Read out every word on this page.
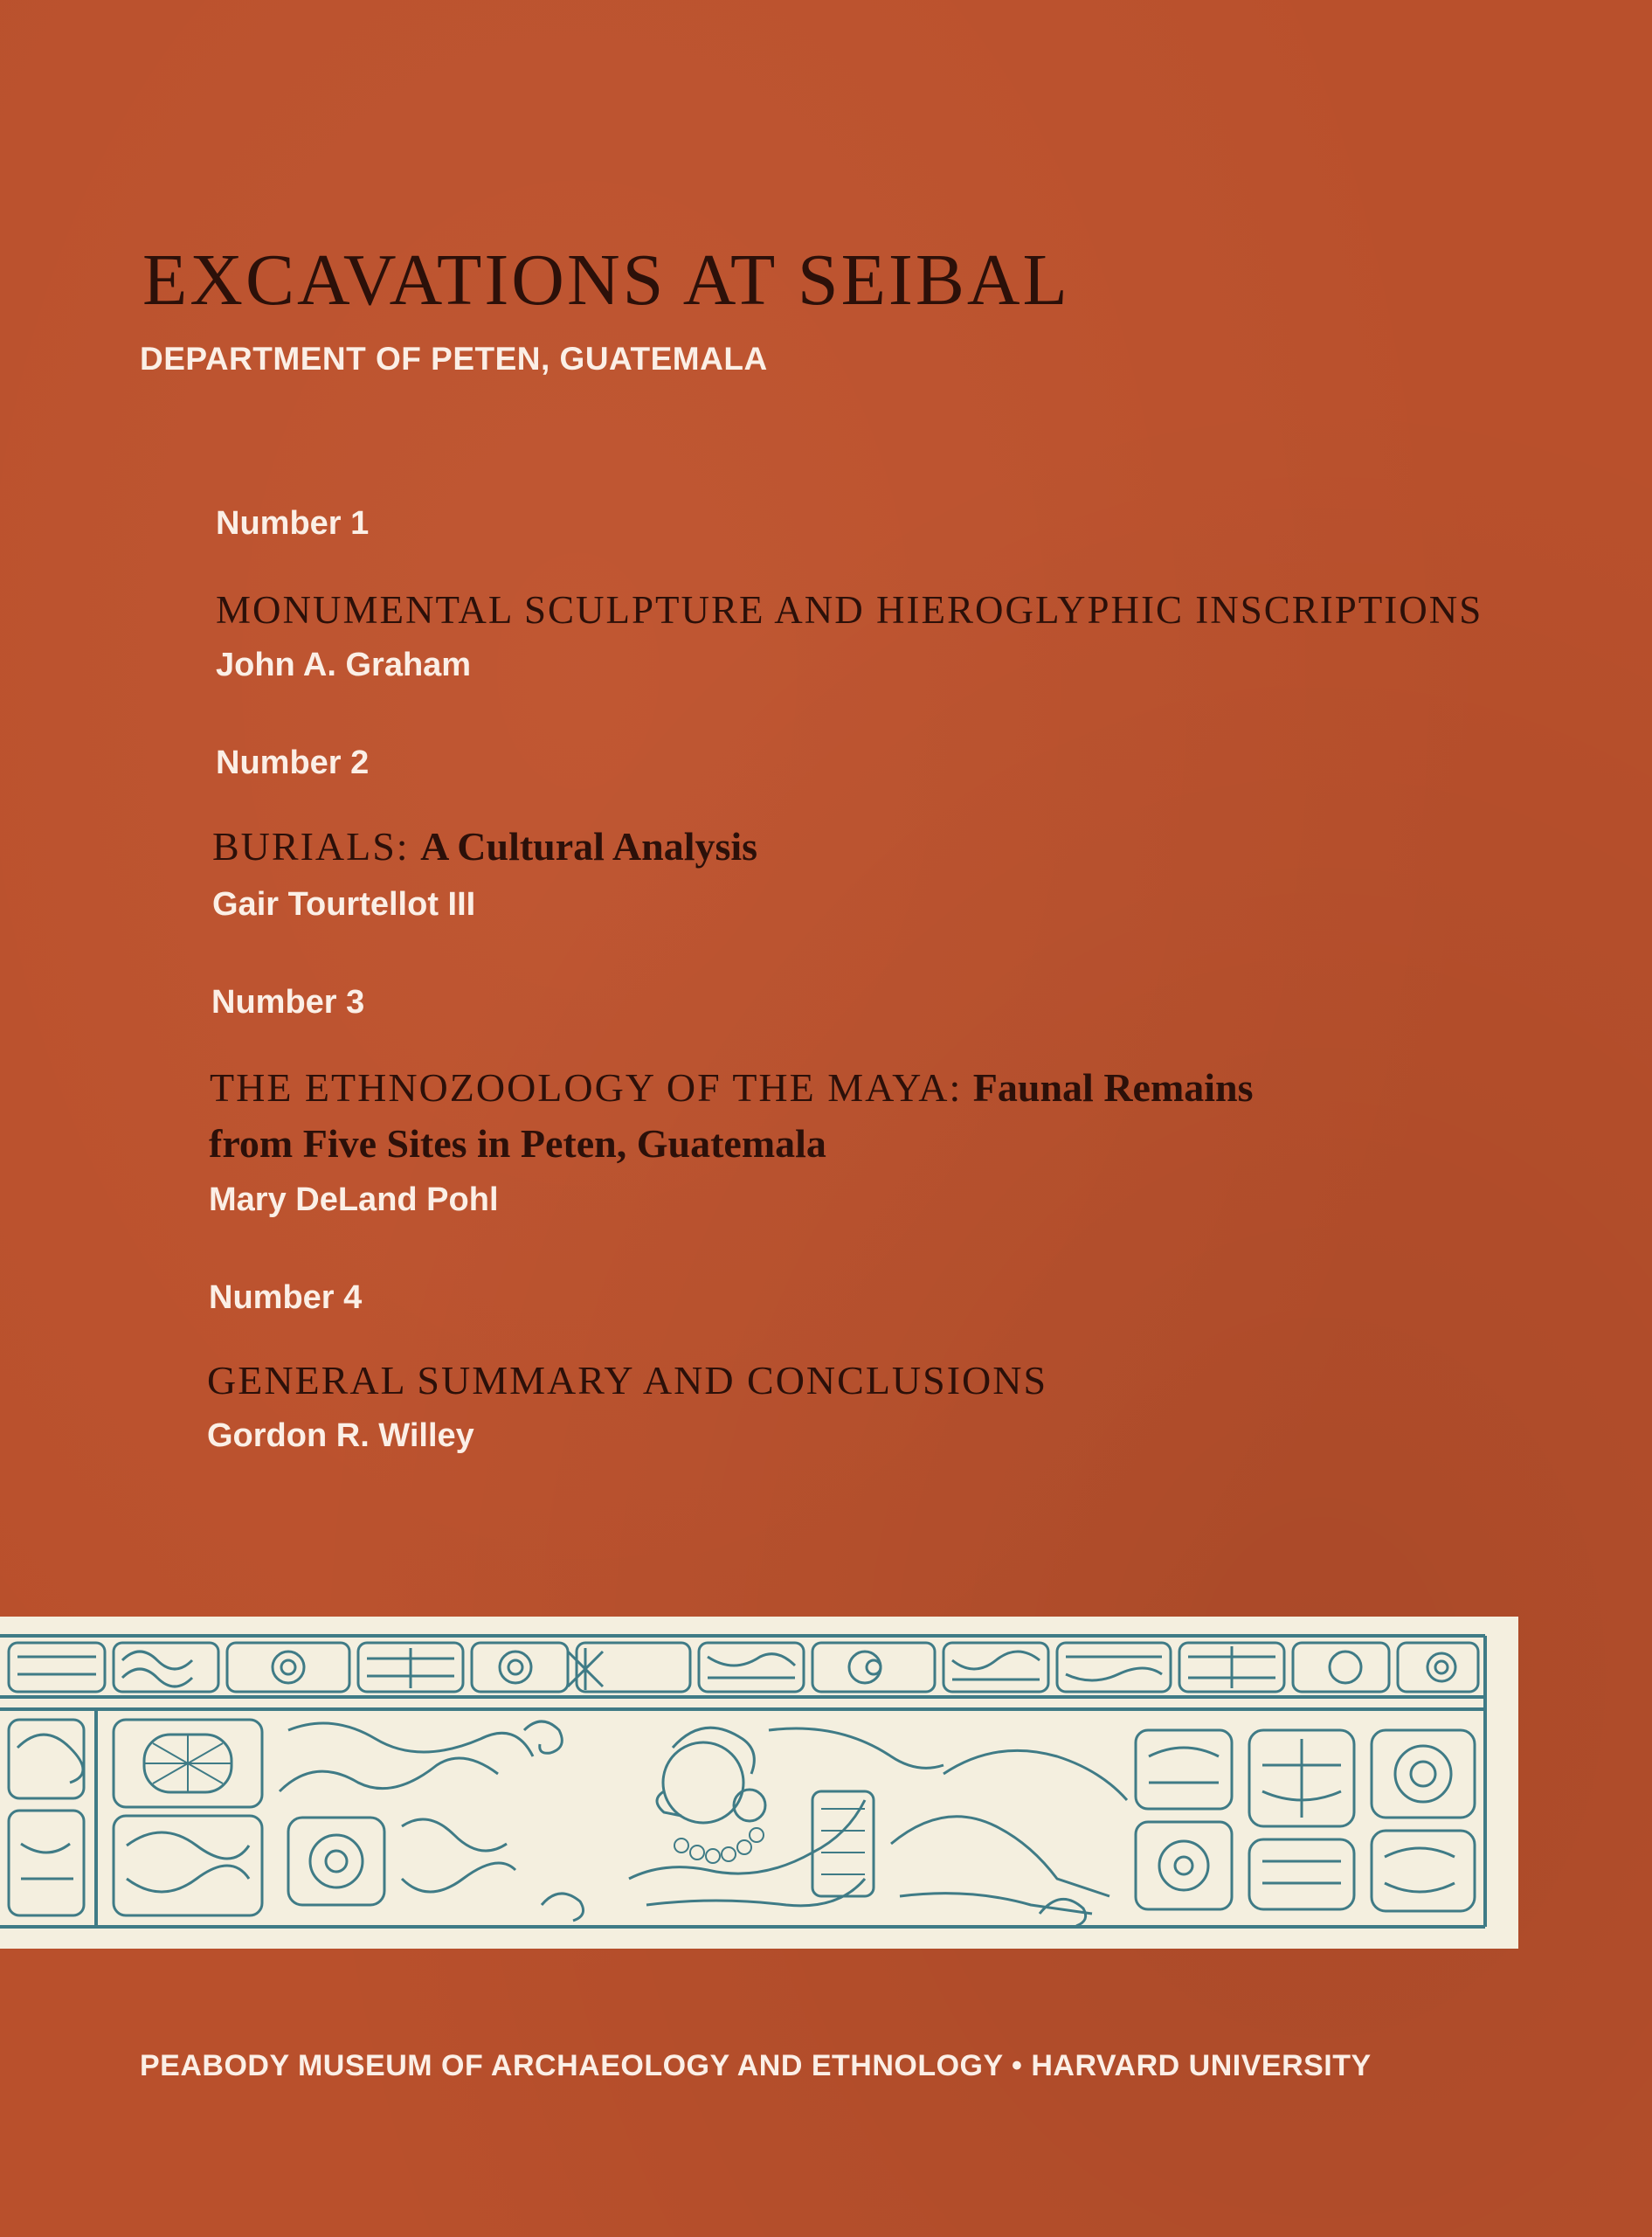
EXCAVATIONS AT SEIBAL
DEPARTMENT OF PETEN, GUATEMALA
Number 1
MONUMENTAL SCULPTURE AND HIEROGLYPHIC INSCRIPTIONS
John A. Graham
Number 2
BURIALS: A Cultural Analysis
Gair Tourtellot III
Number 3
THE ETHNOZOOLOGY OF THE MAYA: Faunal Remains
from Five Sites in Peten, Guatemala
Mary DeLand Pohl
Number 4
GENERAL SUMMARY AND CONCLUSIONS
Gordon R. Willey
PEABODY MUSEUM OF ARCHAEOLOGY AND ETHNOLOGY • HARVARD UNIVERSITY
